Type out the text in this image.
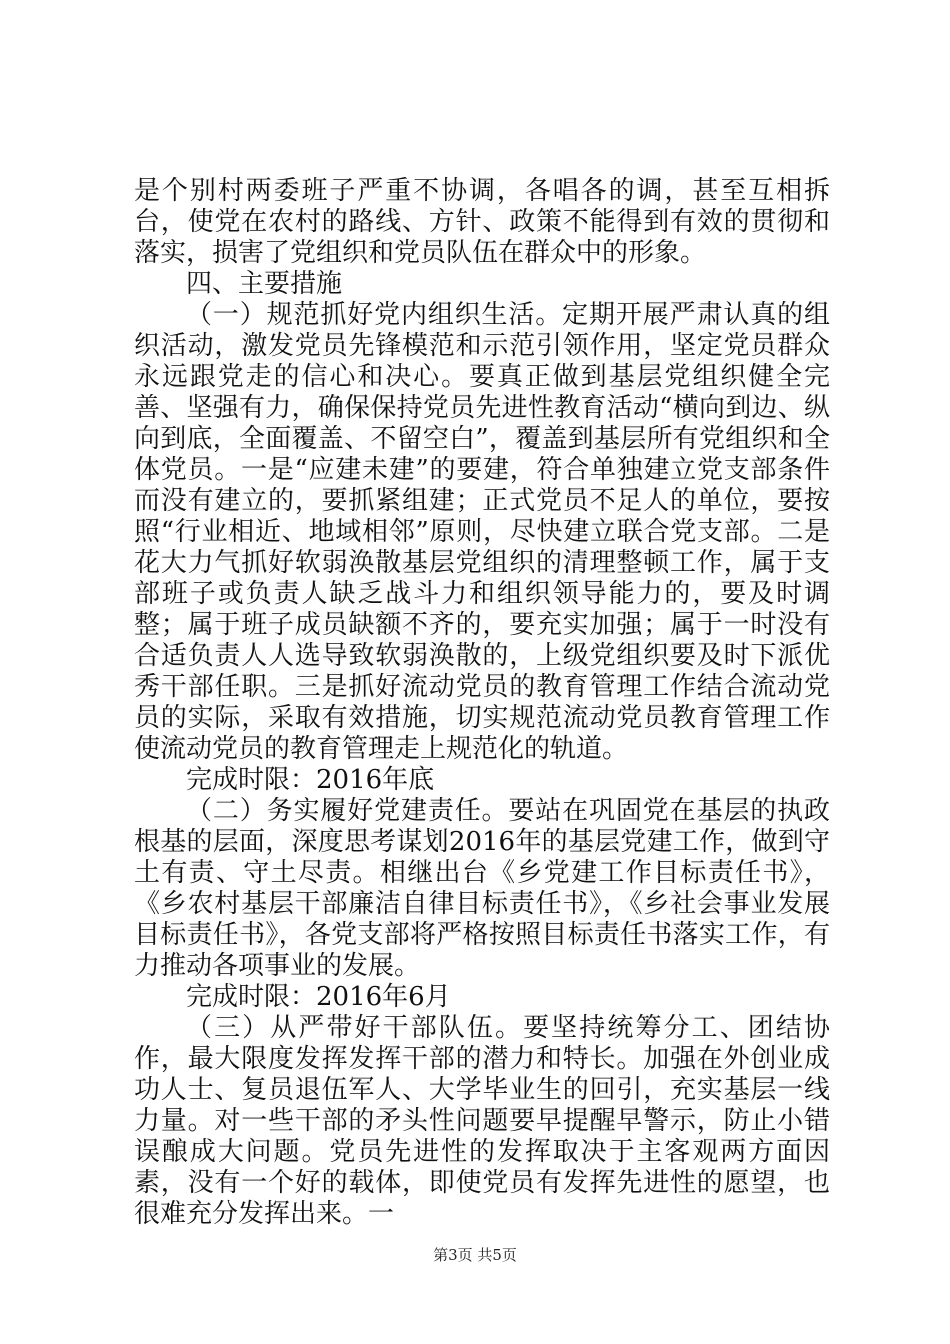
是个别村两委班子严重不协调，各唱各的调，甚至互相拆台，使党在农村的路线、方针、政策不能得到有效的贯彻和落实，损害了党组织和党员队伍在群众中的形象。

四、主要措施

（一）规范抓好党内组织生活。定期开展严肃认真的组织活动，激发党员先锋模范和示范引领作用，坚定党员群众永远跟党走的信心和决心。要真正做到基层党组织健全完善、坚强有力，确保保持党员先进性教育活动“横向到边、纵向到底，全面覆盖、不留空白”，覆盖到基层所有党组织和全体党员。一是“应建未建”的要建，符合单独建立党支部条件而没有建立的，要抓紧组建；正式党员不足人的单位，要按照“行业相近、地域相邻”原则，尽快建立联合党支部。二是花大力气抓好软弱涣散基层党组织的清理整顿工作，属于支部班子或负责人缺乏战斗力和组织领导能力的，要及时调整；属于班子成员缺额不齐的，要充实加强；属于一时没有合适负责人人选导致软弱涣散的，上级党组织要及时下派优秀干部任职。三是抓好流动党员的教育管理工作结合流动党员的实际，采取有效措施，切实规范流动党员教育管理工作使流动党员的教育管理走上规范化的轨道。

完成时限：2016年底

（二）务实履好党建责任。要站在巩固党在基层的执政根基的层面，深度思考谋划2016年的基层党建工作，做到守土有责、守土尽责。相继出台《乡党建工作目标责任书》，《乡农村基层干部廉洁自律目标责任书》，《乡社会事业发展目标责任书》，各党支部将严格按照目标责任书落实工作，有力推动各项事业的发展。

完成时限：2016年6月

（三）从严带好干部队伍。要坚持统筹分工、团结协作，最大限度发挥发挥干部的潜力和特长。加强在外创业成功人士、复员退伍军人、大学毕业生的回引，充实基层一线力量。对一些干部的矛头性问题要早提醒早警示，防止小错误酿成大问题。党员先进性的发挥取决于主客观两方面因素，没有一个好的载体，即使党员有发挥先进性的愿望，也很难充分发挥出来。一

第3页 共5页
